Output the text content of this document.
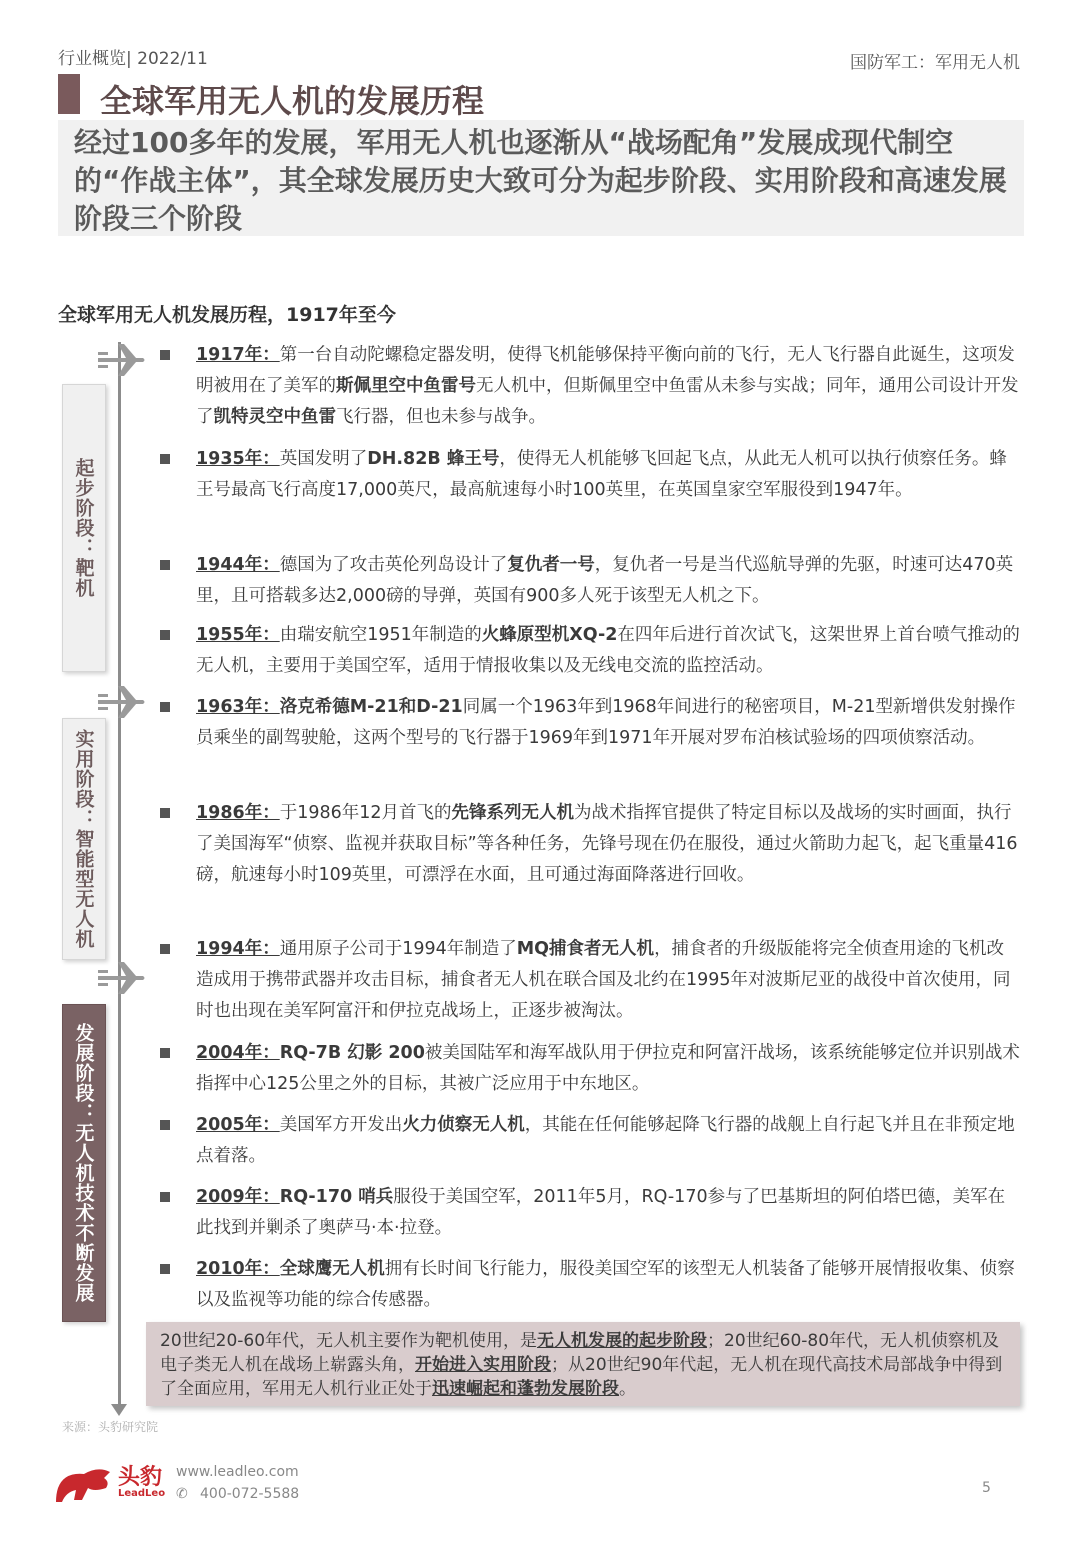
行业概览| 2022/11	国防军工：军用无人机
全球军用无人机的发展历程

经过100多年的发展，军用无人机也逐渐从“战场配角”发展成现代制空的“作战主体”，其全球发展历史大致可分为起步阶段、实用阶段和高速发展阶段三个阶段

全球军用无人机发展历程，1917年至今
起步阶段：靶机
实用阶段：智能型无人机
发展阶段：无人机技术不断发展
1917年：第一台自动陀螺稳定器发明，使得飞机能够保持平衡向前的飞行，无人飞行器自此诞生，这项发明被用在了美军的斯佩里空中鱼雷号无人机中，但斯佩里空中鱼雷从未参与实战；同年，通用公司设计开发了凯特灵空中鱼雷飞行器，但也未参与战争。
1935年：英国发明了DH.82B 蜂王号，使得无人机能够飞回起飞点，从此无人机可以执行侦察任务。蜂王号最高飞行高度17,000英尺，最高航速每小时100英里，在英国皇家空军服役到1947年。
1944年：德国为了攻击英伦列岛设计了复仇者一号，复仇者一号是当代巡航导弹的先驱，时速可达470英里，且可搭载多达2,000磅的导弹，英国有900多人死于该型无人机之下。
1955年：由瑞安航空1951年制造的火蜂原型机XQ-2在四年后进行首次试飞，这架世界上首台喷气推动的无人机，主要用于美国空军，适用于情报收集以及无线电交流的监控活动。
1963年：洛克希德M-21和D-21同属一个1963年到1968年间进行的秘密项目，M-21型新增供发射操作员乘坐的副驾驶舱，这两个型号的飞行器于1969年到1971年开展对罗布泊核试验场的四项侦察活动。
1986年：于1986年12月首飞的先锋系列无人机为战术指挥官提供了特定目标以及战场的实时画面，执行了美国海军“侦察、监视并获取目标”等各种任务，先锋号现在仍在服役，通过火箭助力起飞，起飞重量416磅，航速每小时109英里，可漂浮在水面，且可通过海面降落进行回收。
1994年：通用原子公司于1994年制造了MQ捕食者无人机，捕食者的升级版能将完全侦查用途的飞机改造成用于携带武器并攻击目标，捕食者无人机在联合国及北约在1995年对波斯尼亚的战役中首次使用，同时也出现在美军阿富汗和伊拉克战场上，正逐步被淘汰。
2004年：RQ-7B 幻影 200被美国陆军和海军战队用于伊拉克和阿富汗战场，该系统能够定位并识别战术指挥中心125公里之外的目标，其被广泛应用于中东地区。
2005年：美国军方开发出火力侦察无人机，其能在任何能够起降飞行器的战舰上自行起飞并且在非预定地点着落。
2009年：RQ-170 哨兵服役于美国空军，2011年5月，RQ-170参与了巴基斯坦的阿伯塔巴德，美军在此找到并剿杀了奥萨马·本·拉登。
2010年：全球鹰无人机拥有长时间飞行能力，服役美国空军的该型无人机装备了能够开展情报收集、侦察以及监视等功能的综合传感器。

20世纪20-60年代，无人机主要作为靶机使用，是无人机发展的起步阶段；20世纪60-80年代，无人机侦察机及电子类无人机在战场上崭露头角，开始进入实用阶段；从20世纪90年代起，无人机在现代高技术局部战争中得到了全面应用，军用无人机行业正处于迅速崛起和蓬勃发展阶段。

来源：头豹研究院
头豹
LeadLeo
www.leadleo.com
400-072-5588
✆	5
